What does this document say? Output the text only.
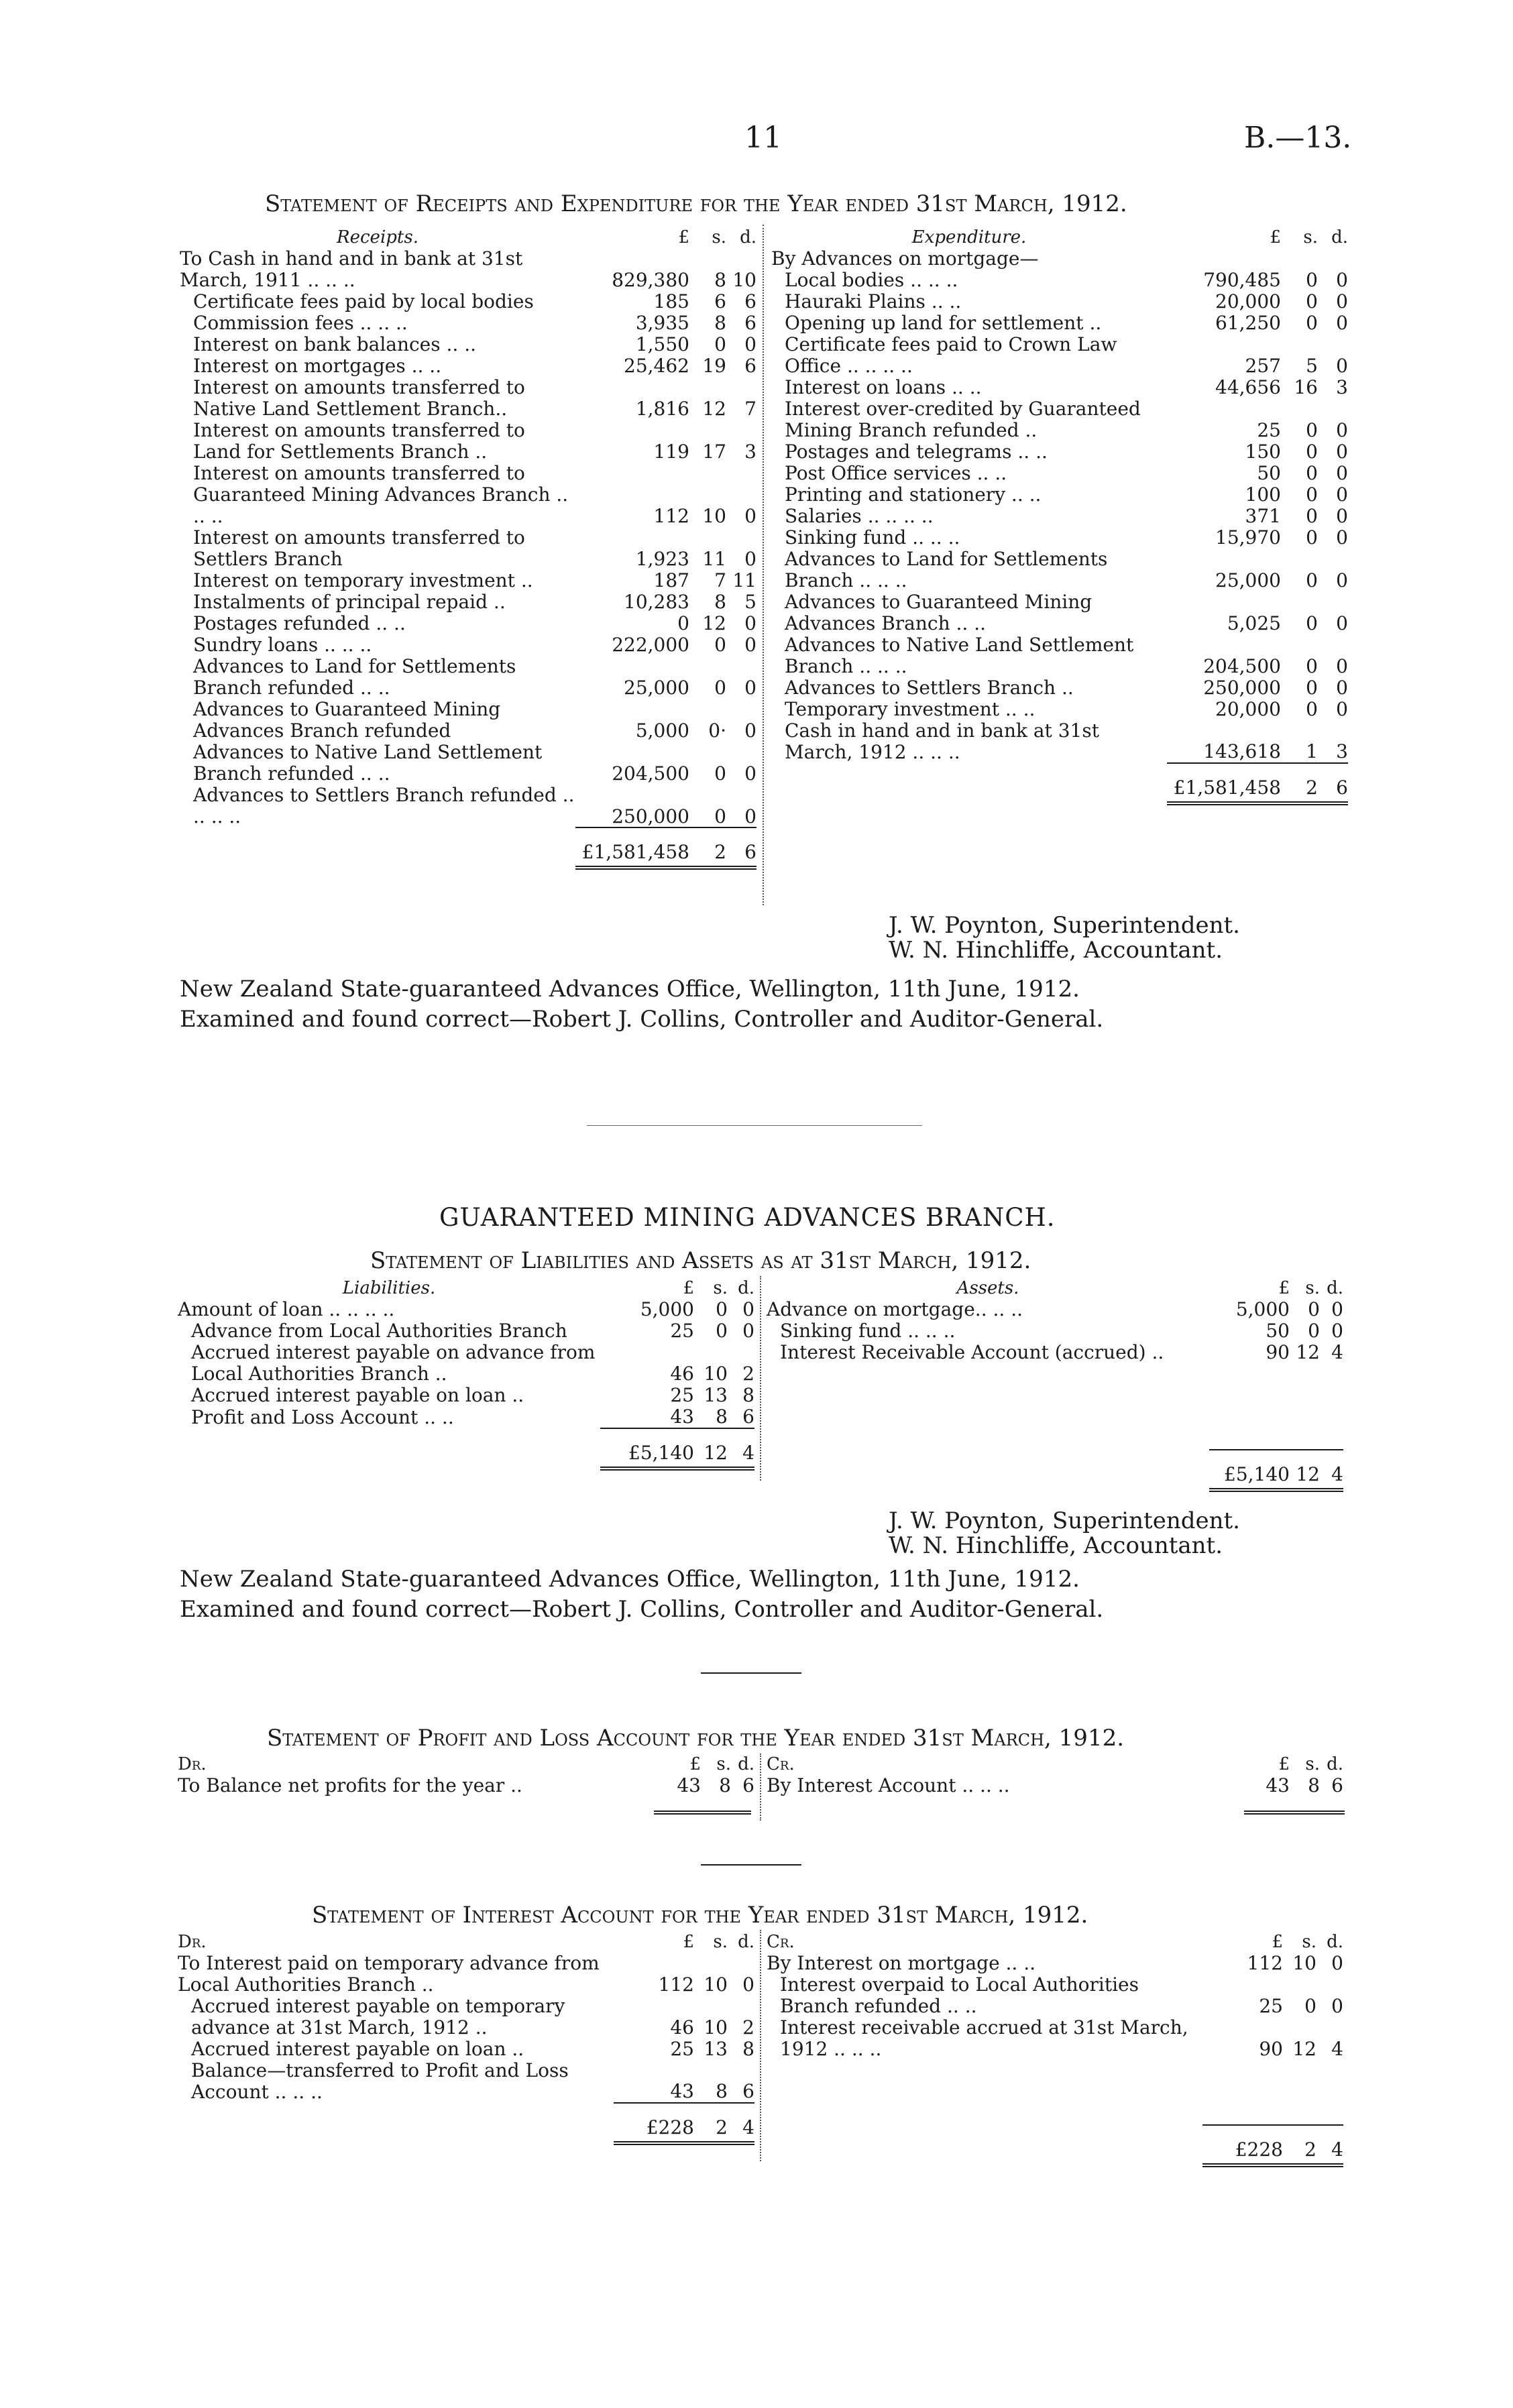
11	B.—13.
Statement of Receipts and Expenditure for the Year ended 31st March, 1912.
Receipts.	£	s.	d.
To Cash in hand and in bank at 31st March, 1911 .. .. ..	829,380	8	10
Certificate fees paid by local bodies	185	6	6
Commission fees .. .. ..	3,935	8	6
Interest on bank balances .. ..	1,550	0	0
Interest on mortgages .. ..	25,462	19	6
Interest on amounts transferred to Native Land Settlement Branch..	1,816	12	7
Interest on amounts transferred to Land for Settlements Branch ..	119	17	3
Interest on amounts transferred to Guaranteed Mining Advances Branch .. .. ..	112	10	0
Interest on amounts transferred to Settlers Branch	1,923	11	0
Interest on temporary investment ..	187	7	11
Instalments of principal repaid ..	10,283	8	5
Postages refunded .. ..	0	12	0
Sundry loans .. .. ..	222,000	0	0
Advances to Land for Settlements Branch refunded .. ..	25,000	0	0
Advances to Guaranteed Mining Advances Branch refunded	5,000	0·	0
Advances to Native Land Settlement Branch refunded .. ..	204,500	0	0
Advances to Settlers Branch refunded .. .. .. ..	250,000	0	0

	£1,581,458	2	6
Expenditure.	£	s.	d.
By Advances on mortgage—			
Local bodies .. .. ..	790,485	0	0
Hauraki Plains .. ..	20,000	0	0
Opening up land for settlement ..	61,250	0	0
Certificate fees paid to Crown Law Office .. .. .. ..	257	5	0
Interest on loans .. ..	44,656	16	3
Interest over-credited by Guaranteed Mining Branch refunded ..	25	0	0
Postages and telegrams .. ..	150	0	0
Post Office services .. ..	50	0	0
Printing and stationery .. ..	100	0	0
Salaries .. .. .. ..	371	0	0
Sinking fund .. .. ..	15,970	0	0
Advances to Land for Settlements Branch .. .. ..	25,000	0	0
Advances to Guaranteed Mining Advances Branch .. ..	5,025	0	0
Advances to Native Land Settlement Branch .. .. ..	204,500	0	0
Advances to Settlers Branch ..	250,000	0	0
Temporary investment .. ..	20,000	0	0
Cash in hand and in bank at 31st March, 1912 .. .. ..	143,618	1	3
	£1,581,458	2	6
J. W. Poynton, Superintendent.
W. N. Hinchliffe, Accountant.
New Zealand State-guaranteed Advances Office, Wellington, 11th June, 1912.
Examined and found correct—Robert J. Collins, Controller and Auditor-General.
GUARANTEED MINING ADVANCES BRANCH.
Statement of Liabilities and Assets as at 31st March, 1912.
Liabilities.	£	s.	d.
Amount of loan .. .. .. ..	5,000	0	0
Advance from Local Authorities Branch	25	0	0
Accrued interest payable on advance from Local Authorities Branch ..	46	10	2
Accrued interest payable on loan ..	25	13	8
Profit and Loss Account .. ..	43	8	6
	£5,140	12	4
Assets.	£	s.	d.
Advance on mortgage.. .. ..	5,000	0	0
Sinking fund .. .. ..	50	0	0
Interest Receivable Account (accrued) ..	90	12	4

	£5,140	12	4
J. W. Poynton, Superintendent.
W. N. Hinchliffe, Accountant.
New Zealand State-guaranteed Advances Office, Wellington, 11th June, 1912.
Examined and found correct—Robert J. Collins, Controller and Auditor-General.
Statement of Profit and Loss Account for the Year ended 31st March, 1912.
Dr.	£	s.	d.
To Balance net profits for the year ..	43	8	6
Cr.	£	s.	d.
By Interest Account .. .. ..	43	8	6
Statement of Interest Account for the Year ended 31st March, 1912.
Dr.	£	s.	d.
To Interest paid on temporary advance from Local Authorities Branch ..	112	10	0
Accrued interest payable on temporary advance at 31st March, 1912 ..	46	10	2
Accrued interest payable on loan ..	25	13	8
Balance—transferred to Profit and Loss Account .. .. ..	43	8	6
	£228	2	4
Cr.	£	s.	d.
By Interest on mortgage .. ..	112	10	0
Interest overpaid to Local Authorities Branch refunded .. ..	25	0	0
Interest receivable accrued at 31st March, 1912 .. .. ..	90	12	4

	£228	2	4
